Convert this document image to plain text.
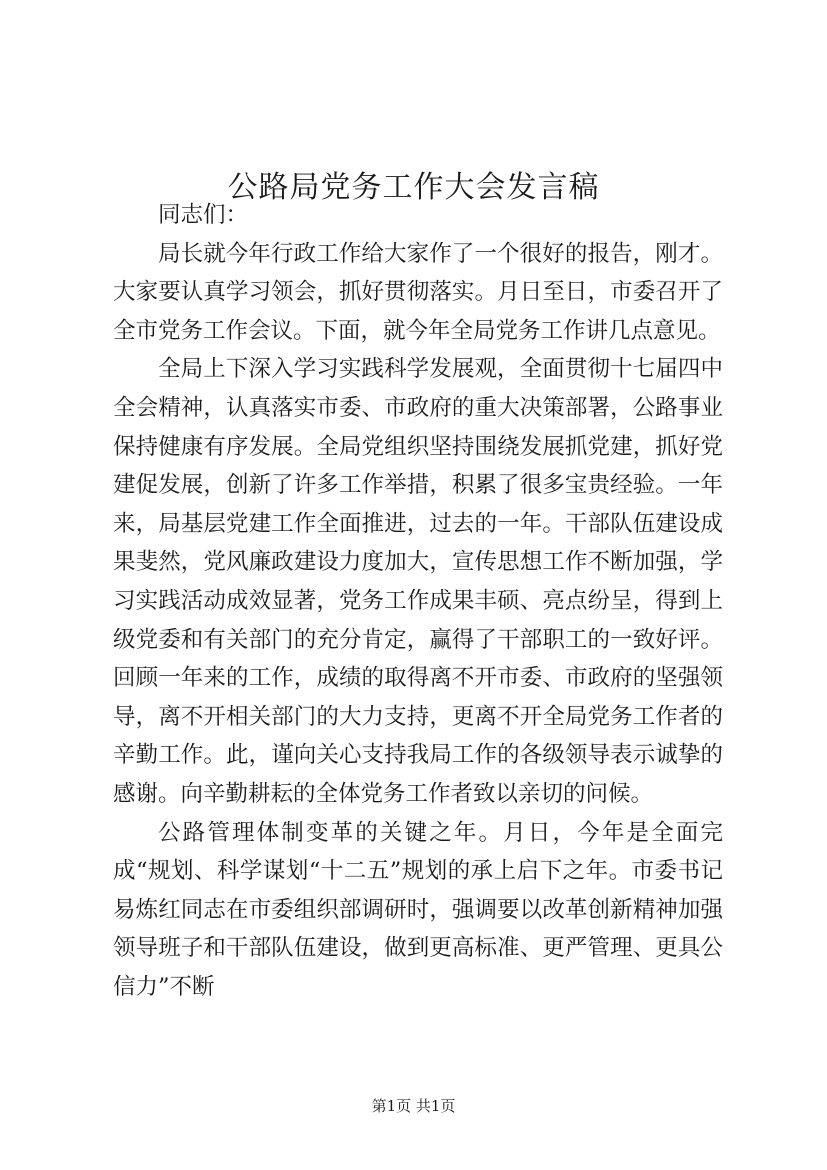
公路局党务工作大会发言稿

同志们：

局长就今年行政工作给大家作了一个很好的报告，刚才。大家要认真学习领会，抓好贯彻落实。月日至日，市委召开了全市党务工作会议。下面，就今年全局党务工作讲几点意见。

全局上下深入学习实践科学发展观，全面贯彻十七届四中全会精神，认真落实市委、市政府的重大决策部署，公路事业保持健康有序发展。全局党组织坚持围绕发展抓党建，抓好党建促发展，创新了许多工作举措，积累了很多宝贵经验。一年来，局基层党建工作全面推进，过去的一年。干部队伍建设成果斐然，党风廉政建设力度加大，宣传思想工作不断加强，学习实践活动成效显著，党务工作成果丰硕、亮点纷呈，得到上级党委和有关部门的充分肯定，赢得了干部职工的一致好评。回顾一年来的工作，成绩的取得离不开市委、市政府的坚强领导，离不开相关部门的大力支持，更离不开全局党务工作者的辛勤工作。此，谨向关心支持我局工作的各级领导表示诚挚的感谢。向辛勤耕耘的全体党务工作者致以亲切的问候。

公路管理体制变革的关键之年。月日，今年是全面完成“规划、科学谋划“十二五”规划的承上启下之年。市委书记易炼红同志在市委组织部调研时，强调要以改革创新精神加强领导班子和干部队伍建设，做到更高标准、更严管理、更具公信力”不断

第1页 共1页
